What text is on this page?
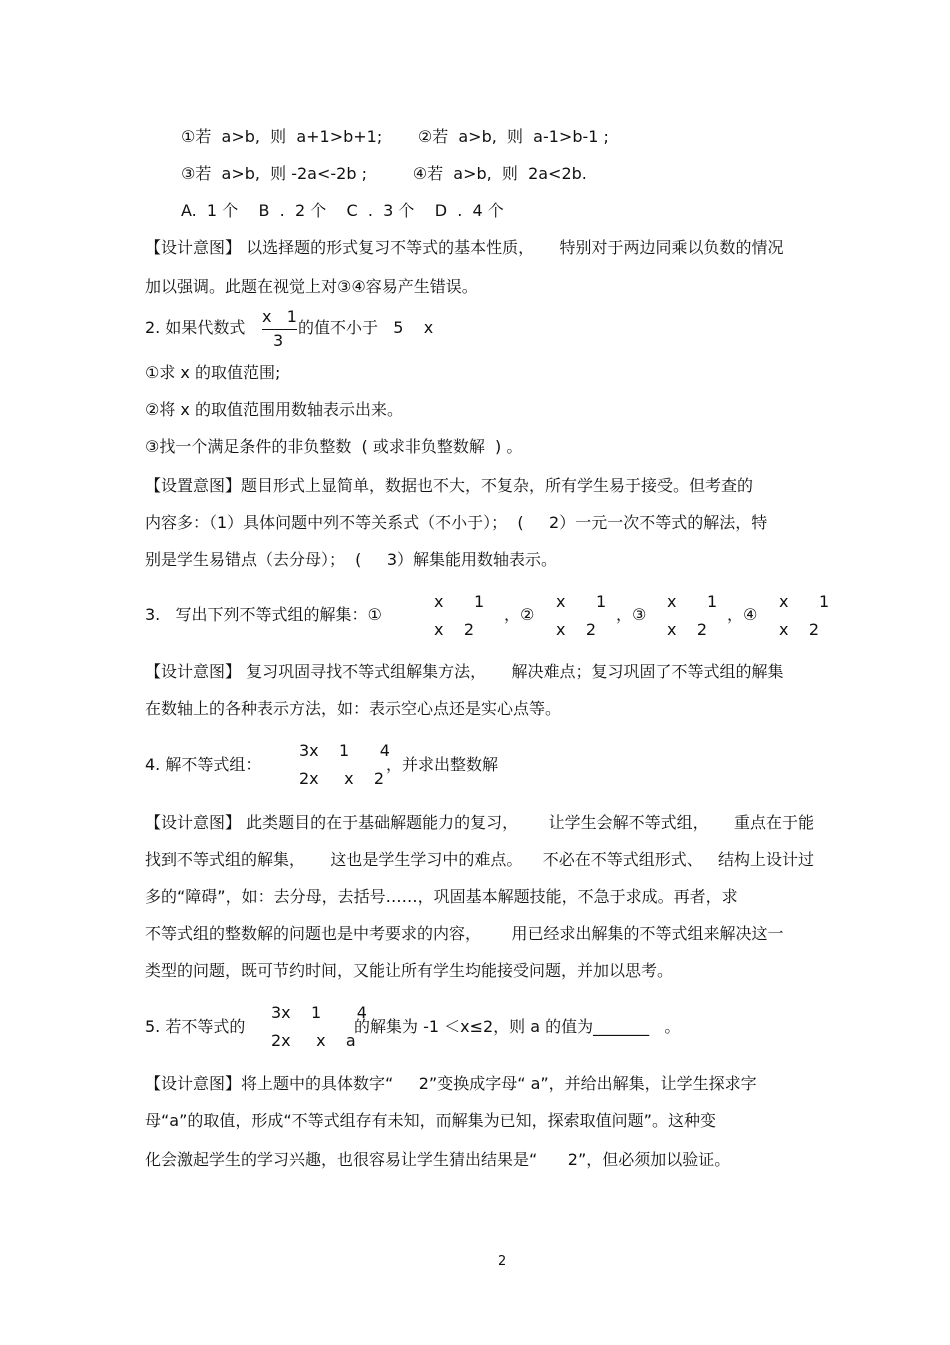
①若  a>b,  则  a+1>b+1;       ②若  a>b,  则  a-1>b-1 ;
③若  a>b,  则 -2a<-2b ;         ④若  a>b,  则  2a<2b.
A.  1 个    B  .  2 个    C  .  3 个    D  .  4 个
【设计意图】 以选择题的形式复习不等式的基本性质，     特别对于两边同乘以负数的情况
加以强调。此题在视觉上对③④容易产生错误。
2. 如果代数式
x   1
3
的值不小于   5    x
①求 x 的取值范围;
②将 x 的取值范围用数轴表示出来。
③找一个满足条件的非负整数  ( 或求非负整数解  ) 。
【设置意图】题目形式上显简单，数据也不大，不复杂，所有学生易于接受。但考查的
内容多：（1）具体问题中列不等关系式（不小于）；  (     2）一元一次不等式的解法，特
别是学生易错点（去分母）；  (     3）解集能用数轴表示。
3.   写出下列不等式组的解集：①
x      1
x    2
，②
x      1
x    2
，③
x      1
x    2
，④
x      1
x    2
【设计意图】 复习巩固寻找不等式组解集方法，     解决难点；复习巩固了不等式组的解集
在数轴上的各种表示方法，如：表示空心点还是实心点等。
4. 解不等式组：
3x    1      4
2x     x    2
，并求出整数解
【设计意图】 此类题目的在于基础解题能力的复习，      让学生会解不等式组，     重点在于能
找到不等式组的解集，     这也是学生学习中的难点。    不必在不等式组形式、   结构上设计过
多的“障碍”，如：去分母，去括号……，巩固基本解题技能，不急于求成。再者，求
不等式组的整数解的问题也是中考要求的内容，      用已经求出解集的不等式组来解决这一
类型的问题，既可节约时间，又能让所有学生均能接受问题，并加以思考。
5. 若不等式的
3x    1       4
2x     x    a
的解集为 -1 ＜x≤2，则 a 的值为_______   。
【设计意图】将上题中的具体数字“     2”变换成字母“ a”，并给出解集，让学生探求字
母“a”的取值，形成“不等式组存有未知，而解集为已知，探索取值问题”。这种变
化会激起学生的学习兴趣，也很容易让学生猜出结果是“      2”，但必须加以验证。
2
